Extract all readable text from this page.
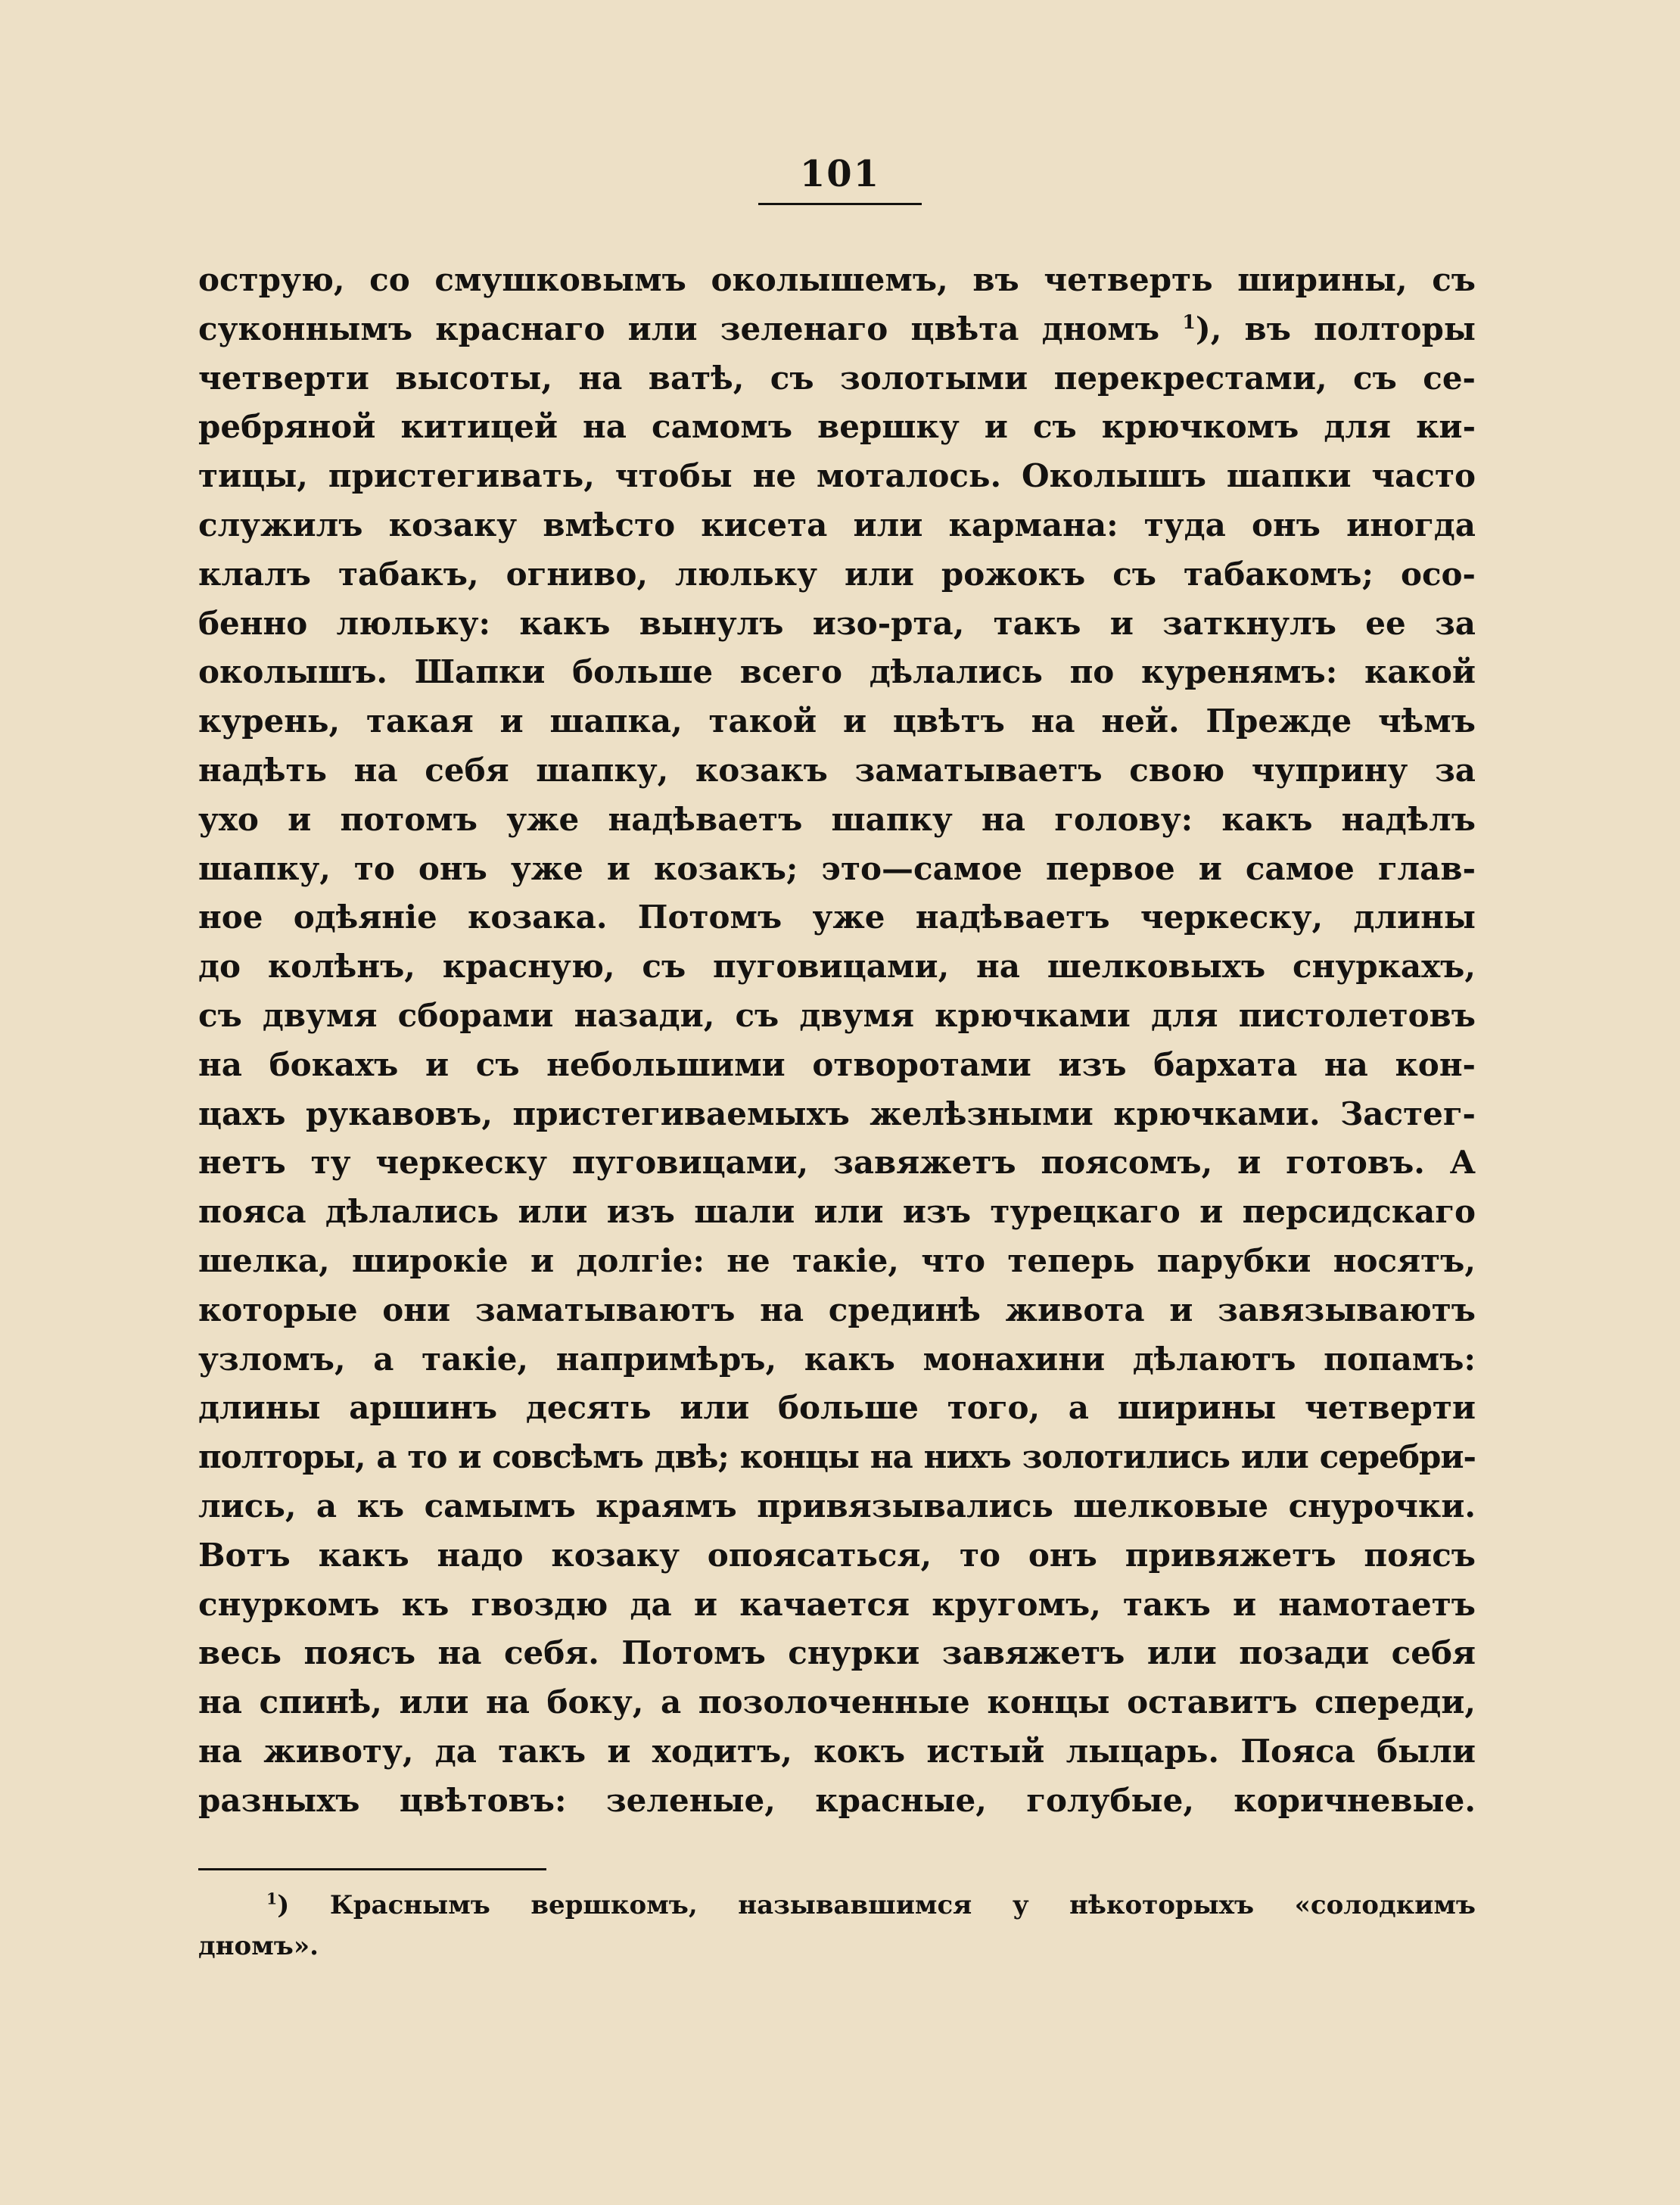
101
острую, со смушковымъ околышемъ, въ четверть ширины, съ
суконнымъ краснаго или зеленаго цвѣта дномъ $^1$), въ полторы
четверти высоты, на ватѣ, съ золотыми перекрестами, съ се-
ребряной китицей на самомъ вершку и съ крючкомъ для ки-
тицы, пристегивать, чтобы не моталось. Околышъ шапки часто
служилъ козаку вмѣсто кисета или кармана: туда онъ иногда
клалъ табакъ, огниво, люльку или рожокъ съ табакомъ; осо-
бенно люльку: какъ вынулъ изо-рта, такъ и заткнулъ ее за
околышъ. Шапки больше всего дѣлались по куренямъ: какой
курень, такая и шапка, такой и цвѣтъ на ней. Прежде чѣмъ
надѣть на себя шапку, козакъ заматываетъ свою чуприну за
ухо и потомъ уже надѣваетъ шапку на голову: какъ надѣлъ
шапку, то онъ уже и козакъ; это—самое первое и самое глав-
ное одѣяніе козака. Потомъ уже надѣваетъ черкеску, длины
до колѣнъ, красную, съ пуговицами, на шелковыхъ снуркахъ,
съ двумя сборами назади, съ двумя крючками для пистолетовъ
на бокахъ и съ небольшими отворотами изъ бархата на кон-
цахъ рукавовъ, пристегиваемыхъ желѣзными крючками. Застег-
нетъ ту черкеску пуговицами, завяжетъ поясомъ, и готовъ. А
пояса дѣлались или изъ шали или изъ турецкаго и персидскаго
шелка, широкіе и долгіе: не такіе, что теперь парубки носятъ,
которые они заматываютъ на срединѣ живота и завязываютъ
узломъ, а такіе, напримѣръ, какъ монахини дѣлаютъ попамъ:
длины аршинъ десять или больше того, а ширины четверти
полторы, а то и совсѣмъ двѣ; концы на нихъ золотились или серебри-
лись, а къ самымъ краямъ привязывались шелковые снурочки.
Вотъ какъ надо козаку опоясаться, то онъ привяжетъ поясъ
снуркомъ къ гвоздю да и качается кругомъ, такъ и намотаетъ
весь поясъ на себя. Потомъ снурки завяжетъ или позади себя
на спинѣ, или на боку, а позолоченные концы оставитъ спереди,
на животу, да такъ и ходитъ, кокъ истый лыцарь. Пояса были
разныхъ цвѣтовъ: зеленые, красные, голубые, коричневые.
$^1$) Краснымъ вершкомъ, называвшимся у нѣкоторыхъ «солодкимъ
дномъ».
